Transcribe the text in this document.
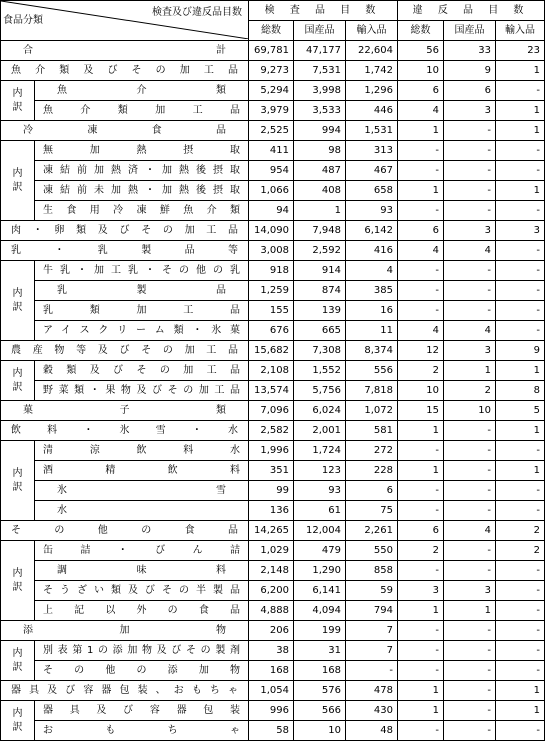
検査及び違反品目数
食品分類		検 査 品 目 数			違 反 品 目 数		
		総数	国産品	輸入品	総数	国産品	輸入品
合　計		69,781	47,177	22,604	56	33	23
魚介類及びその加工品		9,273	7,531	1,742	10	9	1

内
訳	魚介類	5,294	3,998	1,296	6	6	-
	魚介類加工品	3,979	3,533	446	4	3	1
冷凍食品		2,525	994	1,531	1	-	1

内
訳	無加熱摂取	411	98	313	-	-	-
	凍結前加熱済・加熱後摂取	954	487	467	-	-	-
	凍結前未加熱・加熱後摂取	1,066	408	658	1	-	1
	生食用冷凍鮮魚介類	94	1	93	-	-	-
肉・卵類及びその加工品		14,090	7,948	6,142	6	3	3
乳・乳製品等		3,008	2,592	416	4	4	-

内
訳	牛乳・加工乳・その他の乳	918	914	4	-	-	-
	乳製品	1,259	874	385	-	-	-
	乳類加工品	155	139	16	-	-	-
	アイスクリーム類・氷菓	676	665	11	4	4	-
農産物等及びその加工品		15,682	7,308	8,374	12	3	9

内
訳	穀類及びその加工品	2,108	1,552	556	2	1	1
	野菜類・果物及びその加工品	13,574	5,756	7,818	10	2	8
菓子類		7,096	6,024	1,072	15	10	5
飲料・氷雪・水		2,582	2,001	581	1	-	1

内
訳	清涼飲料水	1,996	1,724	272	-	-	-
	酒精飲料	351	123	228	1	-	1
	氷雪	99	93	6	-	-	-
	水	136	61	75	-	-	-
その他の食品		14,265	12,004	2,261	6	4	2

内
訳	缶詰・びん詰	1,029	479	550	2	-	2
	調味料	2,148	1,290	858	-	-	-
	そうざい類及びその半製品	6,200	6,141	59	3	3	-
	上記以外の食品	4,888	4,094	794	1	1	-
添加物		206	199	7	-	-	-

内
訳	別表第1の添加物及びその製剤	38	31	7	-	-	-
	その他の添加物	168	168	-	-	-	-
器具及び容器包装、おもちゃ		1,054	576	478	1	-	1

内
訳	器具及び容器包装	996	566	430	1	-	1
	おもちゃ	58	10	48	-	-	-
